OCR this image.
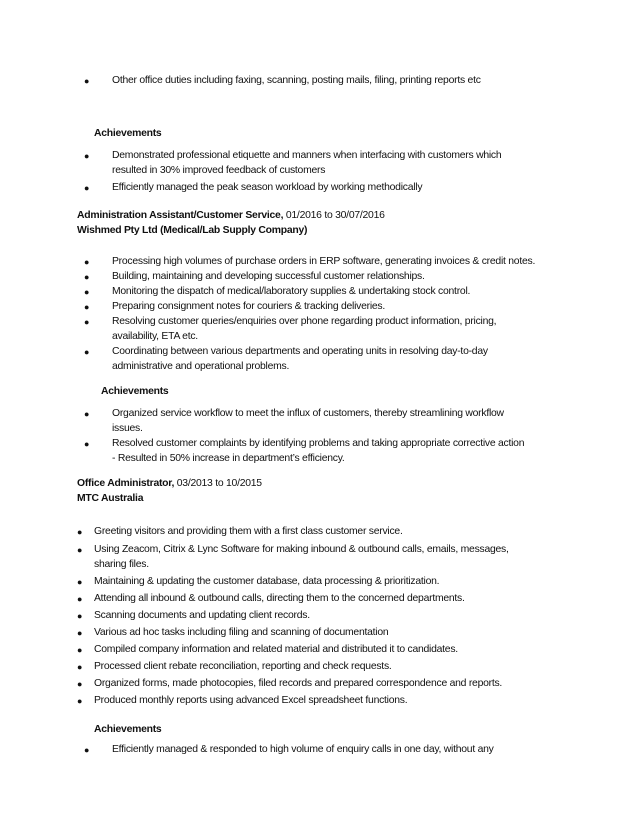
● Other office duties including faxing, scanning, posting mails, filing, printing reports etc
Achievements
● Demonstrated professional etiquette and manners when interfacing with customers which
resulted in 30% improved feedback of customers
● Efficiently managed the peak season workload by working methodically
Administration Assistant/Customer Service, 01/2016 to 30/07/2016
Wishmed Pty Ltd (Medical/Lab Supply Company)
● Processing high volumes of purchase orders in ERP software, generating invoices & credit notes.
● Building, maintaining and developing successful customer relationships.
● Monitoring the dispatch of medical/laboratory supplies & undertaking stock control.
● Preparing consignment notes for couriers & tracking deliveries.
● Resolving customer queries/enquiries over phone regarding product information, pricing,
availability, ETA etc.
● Coordinating between various departments and operating units in resolving day-to-day
administrative and operational problems.
Achievements
● Organized service workflow to meet the influx of customers, thereby streamlining workflow
issues.
● Resolved customer complaints by identifying problems and taking appropriate corrective action
- Resulted in 50% increase in department’s efficiency.
Office Administrator, 03/2013 to 10/2015
MTC Australia
● Greeting visitors and providing them with a first class customer service.
● Using Zeacom, Citrix & Lync Software for making inbound & outbound calls, emails, messages,
sharing files.
● Maintaining & updating the customer database, data processing & prioritization.
● Attending all inbound & outbound calls, directing them to the concerned departments.
● Scanning documents and updating client records.
● Various ad hoc tasks including filing and scanning of documentation
● Compiled company information and related material and distributed it to candidates.
● Processed client rebate reconciliation, reporting and check requests.
● Organized forms, made photocopies, filed records and prepared correspondence and reports.
● Produced monthly reports using advanced Excel spreadsheet functions.
Achievements
● Efficiently managed & responded to high volume of enquiry calls in one day, without any
